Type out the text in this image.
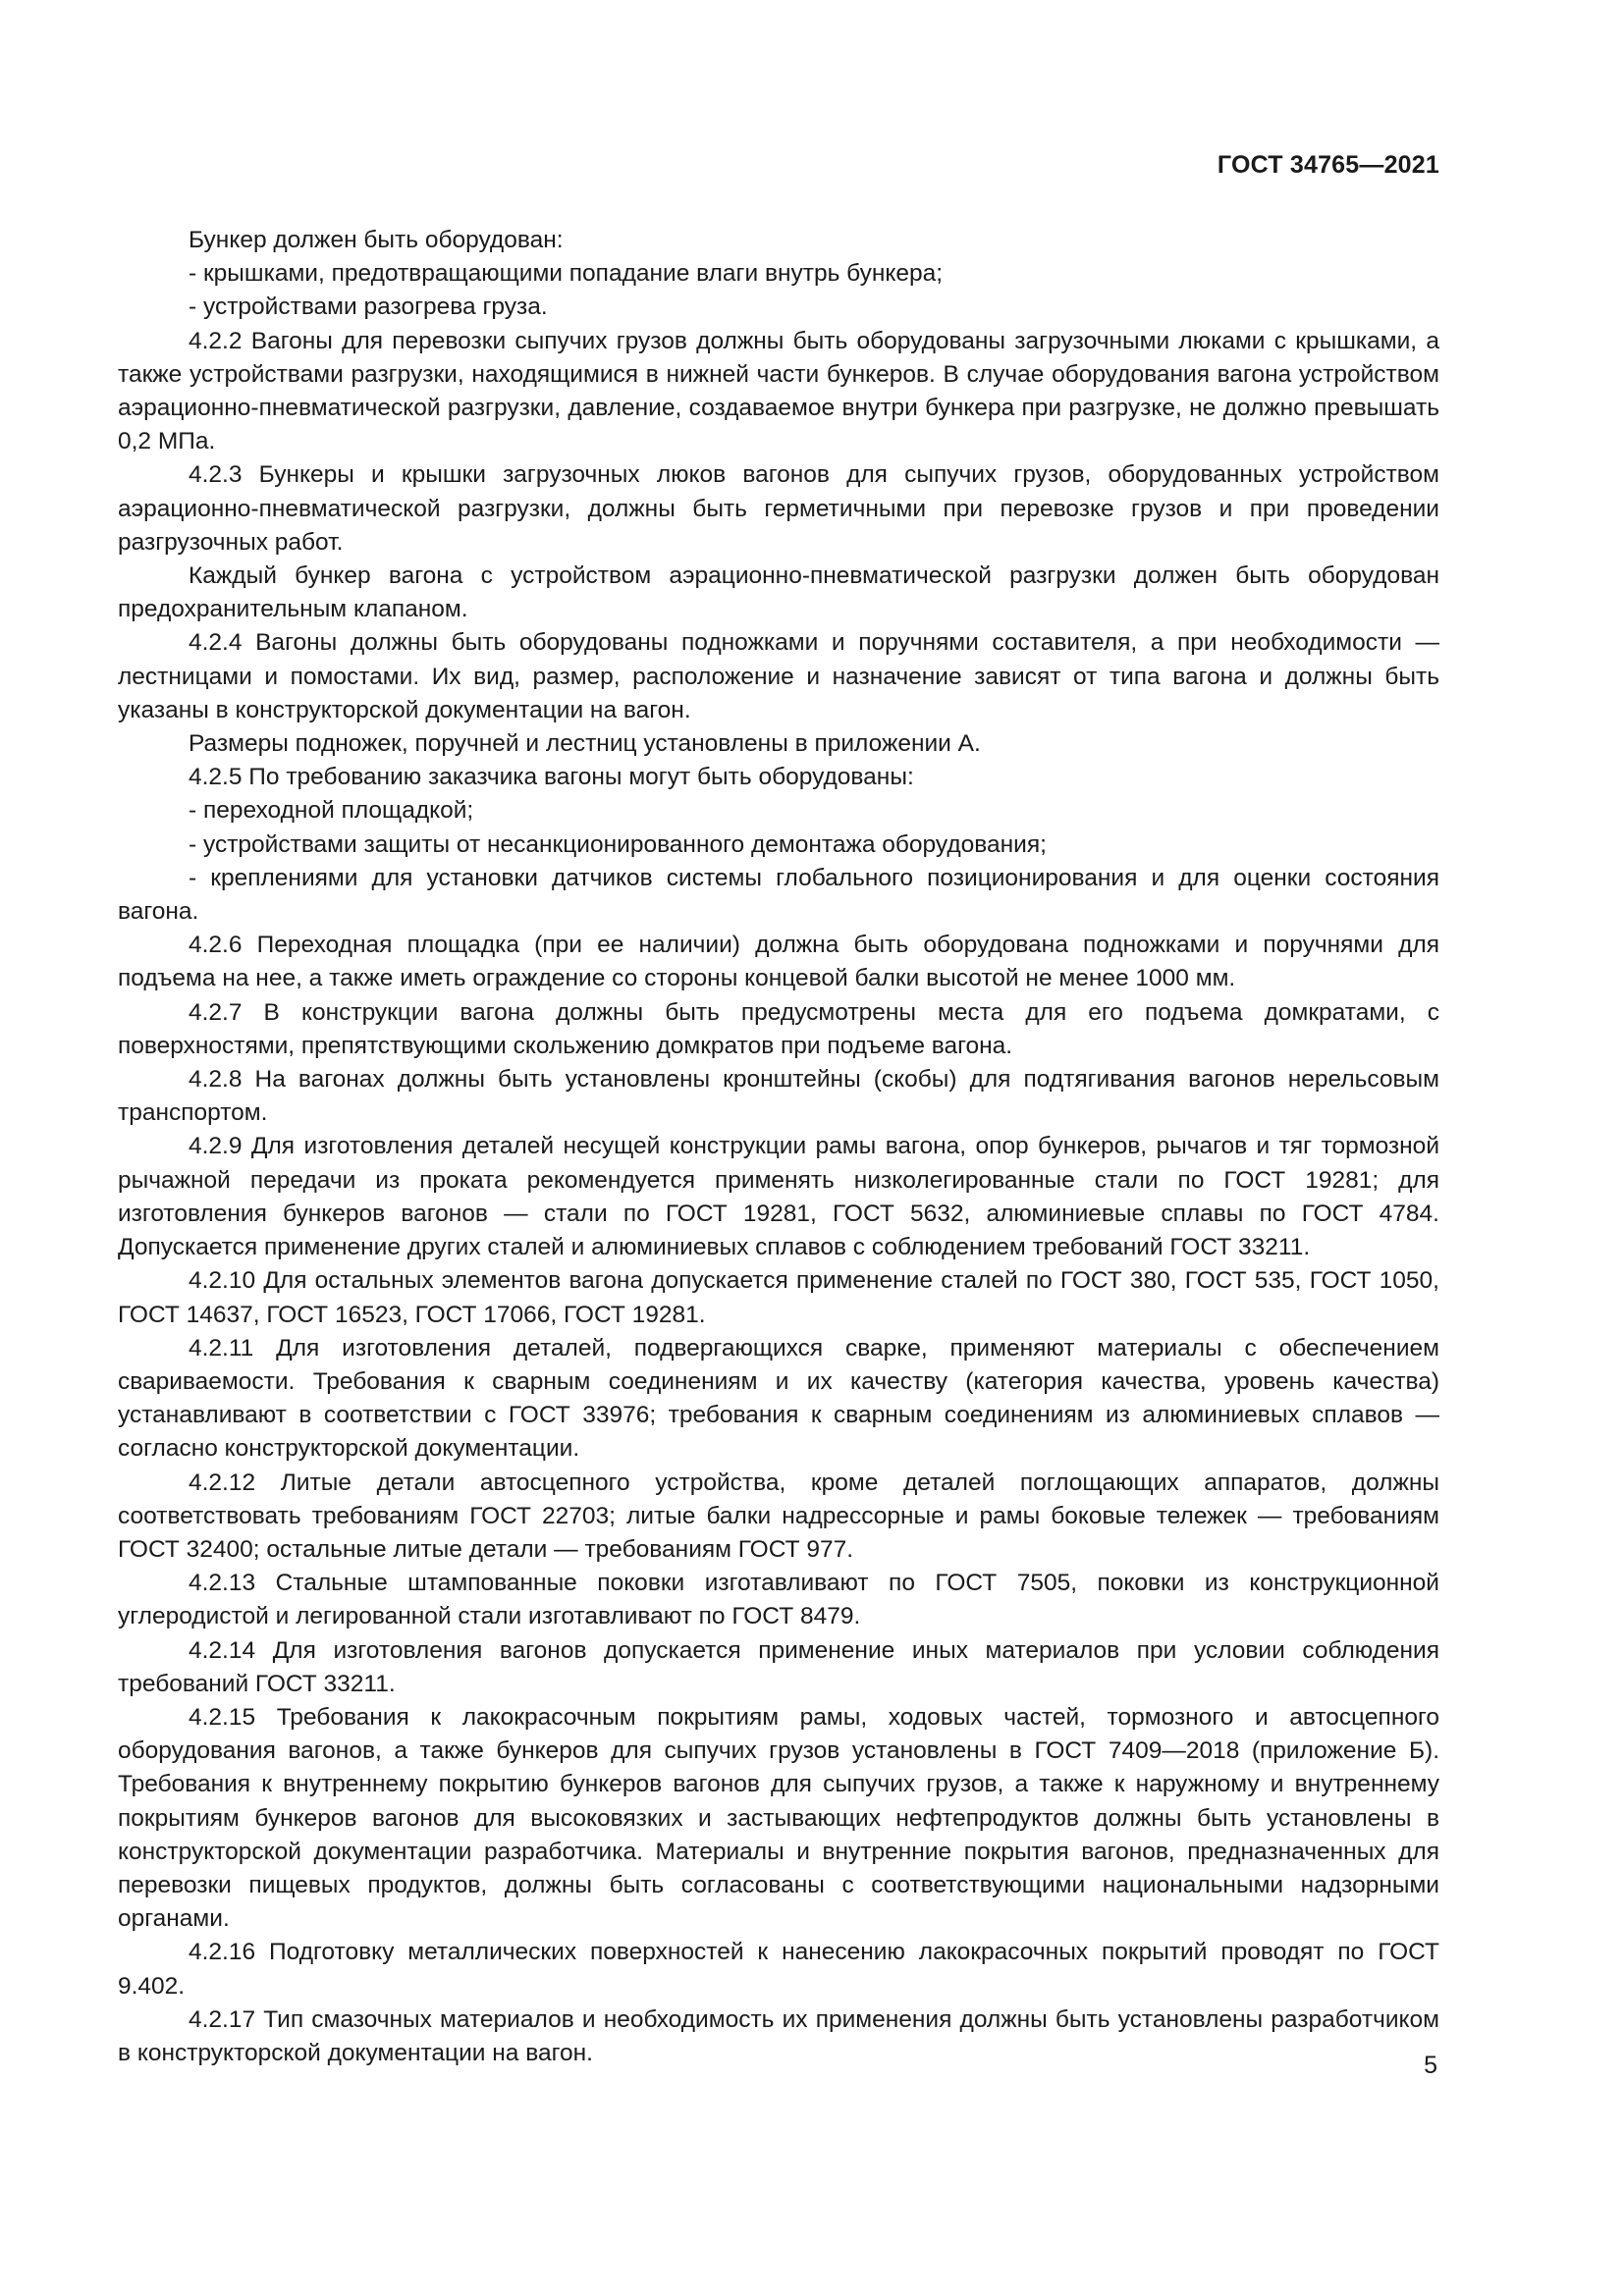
ГОСТ 34765—2021

Бункер должен быть оборудован:

- крышками, предотвращающими попадание влаги внутрь бункера;

- устройствами разогрева груза.

4.2.2 Вагоны для перевозки сыпучих грузов должны быть оборудованы загрузочными люками с крышками, а также устройствами разгрузки, находящимися в нижней части бункеров. В случае оборудования вагона устройством аэрационно-пневматической разгрузки, давление, создаваемое внутри бункера при разгрузке, не должно превышать 0,2 МПа.

4.2.3 Бункеры и крышки загрузочных люков вагонов для сыпучих грузов, оборудованных устройством аэрационно-пневматической разгрузки, должны быть герметичными при перевозке грузов и при проведении разгрузочных работ.

Каждый бункер вагона с устройством аэрационно-пневматической разгрузки должен быть оборудован предохранительным клапаном.

4.2.4 Вагоны должны быть оборудованы подножками и поручнями составителя, а при необходимости — лестницами и помостами. Их вид, размер, расположение и назначение зависят от типа вагона и должны быть указаны в конструкторской документации на вагон.

Размеры подножек, поручней и лестниц установлены в приложении А.

4.2.5 По требованию заказчика вагоны могут быть оборудованы:

- переходной площадкой;

- устройствами защиты от несанкционированного демонтажа оборудования;

- креплениями для установки датчиков системы глобального позиционирования и для оценки состояния вагона.

4.2.6 Переходная площадка (при ее наличии) должна быть оборудована подножками и поручнями для подъема на нее, а также иметь ограждение со стороны концевой балки высотой не менее 1000 мм.

4.2.7 В конструкции вагона должны быть предусмотрены места для его подъема домкратами, с поверхностями, препятствующими скольжению домкратов при подъеме вагона.

4.2.8 На вагонах должны быть установлены кронштейны (скобы) для подтягивания вагонов нерельсовым транспортом.

4.2.9 Для изготовления деталей несущей конструкции рамы вагона, опор бункеров, рычагов и тяг тормозной рычажной передачи из проката рекомендуется применять низколегированные стали по ГОСТ 19281; для изготовления бункеров вагонов — стали по ГОСТ 19281, ГОСТ 5632, алюминиевые сплавы по ГОСТ 4784. Допускается применение других сталей и алюминиевых сплавов с соблюдением требований ГОСТ 33211.

4.2.10 Для остальных элементов вагона допускается применение сталей по ГОСТ 380, ГОСТ 535, ГОСТ 1050, ГОСТ 14637, ГОСТ 16523, ГОСТ 17066, ГОСТ 19281.

4.2.11 Для изготовления деталей, подвергающихся сварке, применяют материалы с обеспечением свариваемости. Требования к сварным соединениям и их качеству (категория качества, уровень качества) устанавливают в соответствии с ГОСТ 33976; требования к сварным соединениям из алюминиевых сплавов — согласно конструкторской документации.

4.2.12 Литые детали автосцепного устройства, кроме деталей поглощающих аппаратов, должны соответствовать требованиям ГОСТ 22703; литые балки надрессорные и рамы боковые тележек — требованиям ГОСТ 32400; остальные литые детали — требованиям ГОСТ 977.

4.2.13 Стальные штампованные поковки изготавливают по ГОСТ 7505, поковки из конструкционной углеродистой и легированной стали изготавливают по ГОСТ 8479.

4.2.14 Для изготовления вагонов допускается применение иных материалов при условии соблюдения требований ГОСТ 33211.

4.2.15 Требования к лакокрасочным покрытиям рамы, ходовых частей, тормозного и автосцепного оборудования вагонов, а также бункеров для сыпучих грузов установлены в ГОСТ 7409—2018 (приложение Б). Требования к внутреннему покрытию бункеров вагонов для сыпучих грузов, а также к наружному и внутреннему покрытиям бункеров вагонов для высоковязких и застывающих нефтепродуктов должны быть установлены в конструкторской документации разработчика. Материалы и внутренние покрытия вагонов, предназначенных для перевозки пищевых продуктов, должны быть согласованы с соответствующими национальными надзорными органами.

4.2.16 Подготовку металлических поверхностей к нанесению лакокрасочных покрытий проводят по ГОСТ 9.402.

4.2.17 Тип смазочных материалов и необходимость их применения должны быть установлены разработчиком в конструкторской документации на вагон.	5
